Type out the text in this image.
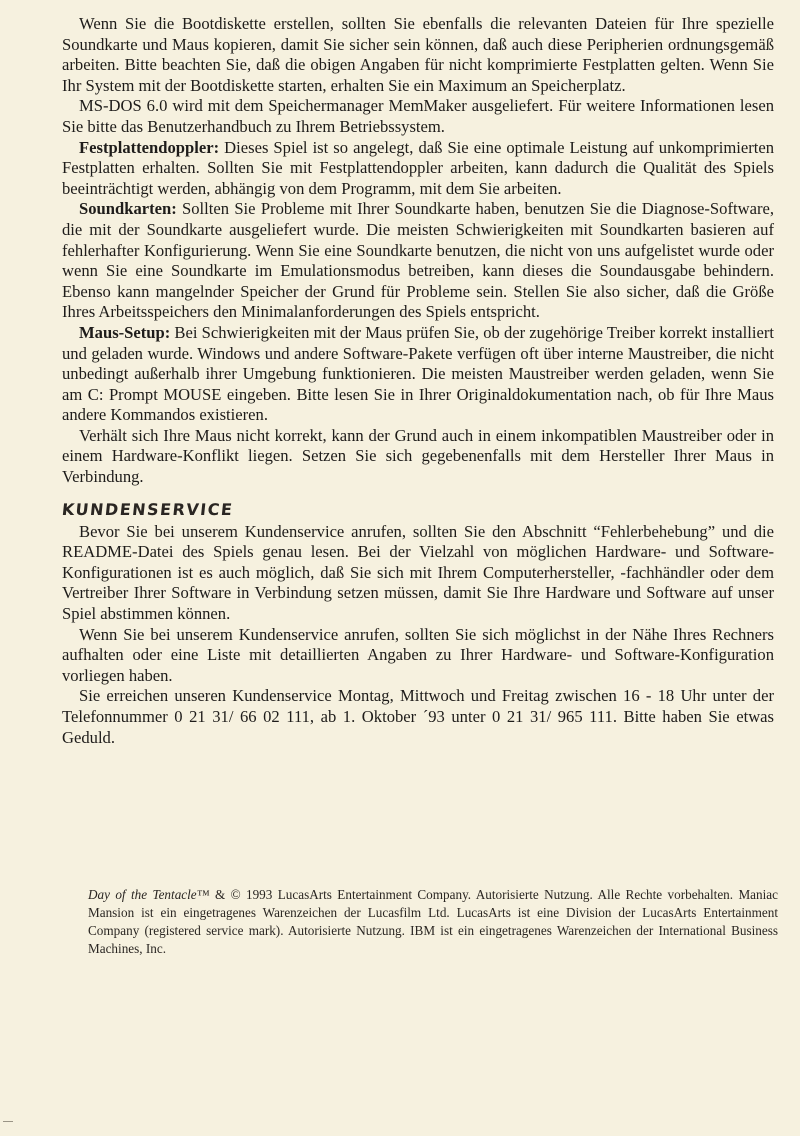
Wenn Sie die Bootdiskette erstellen, sollten Sie ebenfalls die relevanten Dateien für Ihre spezielle Soundkarte und Maus kopieren, damit Sie sicher sein können, daß auch diese Peripherien ordnungsgemäß arbeiten. Bitte beachten Sie, daß die obigen Angaben für nicht komprimierte Festplatten gelten. Wenn Sie Ihr System mit der Bootdiskette starten, erhalten Sie ein Maximum an Speicherplatz.

MS-DOS 6.0 wird mit dem Speichermanager MemMaker ausgeliefert. Für weitere Informationen lesen Sie bitte das Benutzerhandbuch zu Ihrem Betriebssystem.

Festplattendoppler: Dieses Spiel ist so angelegt, daß Sie eine optimale Leistung auf unkomprimierten Festplatten erhalten. Sollten Sie mit Festplattendoppler arbeiten, kann dadurch die Qualität des Spiels beeinträchtigt werden, abhängig von dem Programm, mit dem Sie arbeiten.

Soundkarten: Sollten Sie Probleme mit Ihrer Soundkarte haben, benutzen Sie die Diagnose-Software, die mit der Soundkarte ausgeliefert wurde. Die meisten Schwierigkeiten mit Soundkarten basieren auf fehlerhafter Konfigurierung. Wenn Sie eine Soundkarte benutzen, die nicht von uns aufgelistet wurde oder wenn Sie eine Soundkarte im Emulationsmodus betreiben, kann dieses die Soundausgabe behindern. Ebenso kann mangelnder Speicher der Grund für Probleme sein. Stellen Sie also sicher, daß die Größe Ihres Arbeitsspeichers den Minimalanforderungen des Spiels entspricht.

Maus-Setup: Bei Schwierigkeiten mit der Maus prüfen Sie, ob der zugehörige Treiber korrekt installiert und geladen wurde. Windows und andere Software-Pakete verfügen oft über interne Maustreiber, die nicht unbedingt außerhalb ihrer Umgebung funktionieren. Die meisten Maustreiber werden geladen, wenn Sie am C: Prompt MOUSE eingeben. Bitte lesen Sie in Ihrer Originaldokumentation nach, ob für Ihre Maus andere Kommandos existieren.

Verhält sich Ihre Maus nicht korrekt, kann der Grund auch in einem inkompatiblen Maustreiber oder in einem Hardware-Konflikt liegen. Setzen Sie sich gegebenenfalls mit dem Hersteller Ihrer Maus in Verbindung.

KUNDENSERVICE

Bevor Sie bei unserem Kundenservice anrufen, sollten Sie den Abschnitt “Fehlerbehebung” und die README-Datei des Spiels genau lesen. Bei der Vielzahl von möglichen Hardware- und Software-Konfigurationen ist es auch möglich, daß Sie sich mit Ihrem Computerhersteller, -fachhändler oder dem Vertreiber Ihrer Software in Verbindung setzen müssen, damit Sie Ihre Hardware und Software auf unser Spiel abstimmen können.

Wenn Sie bei unserem Kundenservice anrufen, sollten Sie sich möglichst in der Nähe Ihres Rechners aufhalten oder eine Liste mit detaillierten Angaben zu Ihrer Hardware- und Software-Konfiguration vorliegen haben.

Sie erreichen unseren Kundenservice Montag, Mittwoch und Freitag zwischen 16 - 18 Uhr unter der Telefonnummer 0 21 31/ 66 02 111, ab 1. Oktober ´93 unter 0 21 31/ 965 111. Bitte haben Sie etwas Geduld.

Day of the Tentacle™ & © 1993 LucasArts Entertainment Company. Autorisierte Nutzung. Alle Rechte vorbehalten. Maniac Mansion ist ein eingetragenes Warenzeichen der Lucasfilm Ltd. LucasArts ist eine Division der LucasArts Entertainment Company (registered service mark). Autorisierte Nutzung. IBM ist ein eingetragenes Warenzeichen der International Business Machines, Inc.
